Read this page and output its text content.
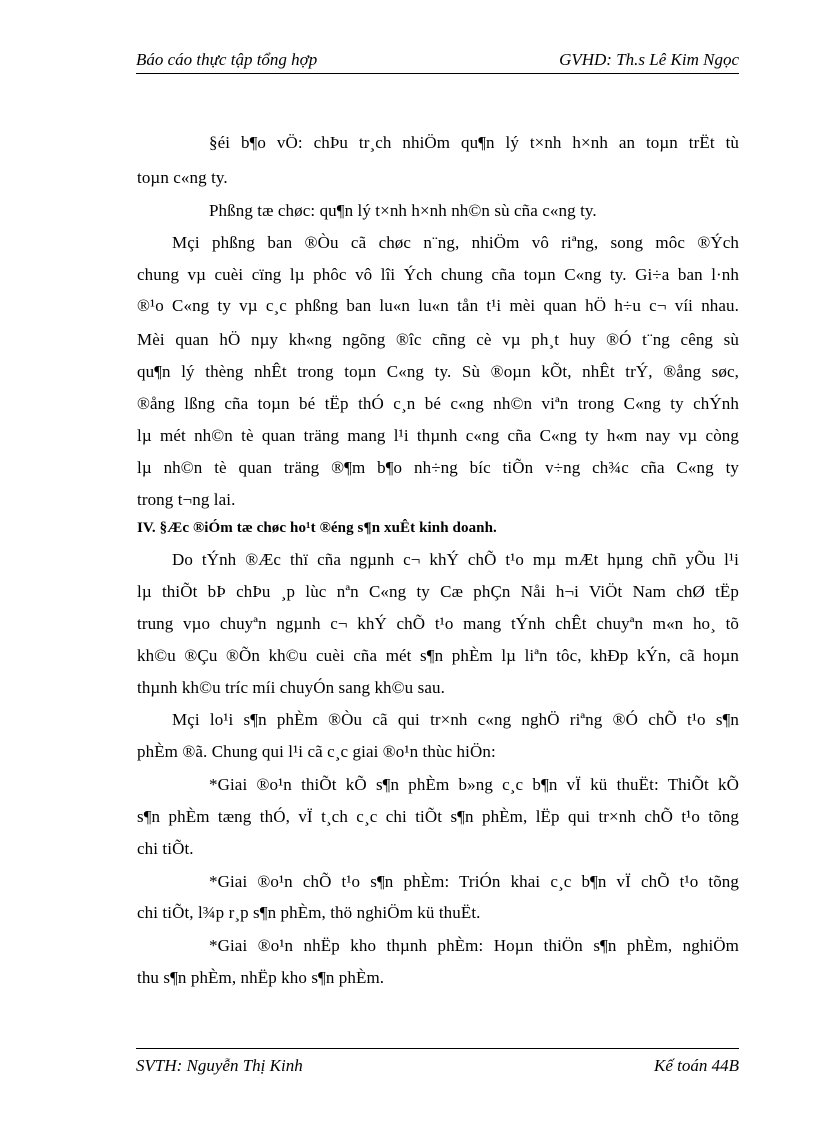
Báo cáo thực tập tổng hợp	GVHD: Th.s Lê Kim Ngọc
§éi b¶o vÖ: chÞu tr¸ch nhiÖm qu¶n lý t×nh h×nh an toµn trËt tù
toµn c«ng ty.
Phßng tæ chøc: qu¶n lý t×nh h×nh nh©n sù cña c«ng ty.
Mçi phßng ban ®Òu cã chøc n¨ng, nhiÖm vô riªng, song môc ®Ých
chung vµ cuèi cïng lµ phôc vô lîi Ých chung cña toµn C«ng ty. Gi÷a ban l·nh
®¹o C«ng ty vµ c¸c phßng ban lu«n lu«n tån t¹i mèi quan hÖ h÷u c¬ víi nhau.
Mèi quan hÖ nµy kh«ng ngõng ®îc cñng cè vµ ph¸t huy ®Ó t¨ng cêng sù
qu¶n lý thèng nhÊt trong toµn C«ng ty. Sù ®oµn kÕt, nhÊt trÝ, ®ång søc,
®ång lßng cña toµn bé tËp thÓ c¸n bé c«ng nh©n viªn trong C«ng ty chÝnh
lµ mét nh©n tè quan träng mang l¹i thµnh c«ng cña C«ng ty h«m nay vµ còng
lµ nh©n tè quan träng ®¶m b¶o nh÷ng bíc tiÕn v÷ng ch¾c cña C«ng ty
trong t¬ng lai.
IV. §Æc ®iÓm tæ chøc ho¹t ®éng s¶n xuÊt kinh doanh.
Do tÝnh ®Æc thï cña ngµnh c¬ khÝ chÕ t¹o mµ mÆt hµng chñ yÕu l¹i
lµ thiÕt bÞ chÞu ¸p lùc nªn C«ng ty Cæ phÇn Nåi h¬i ViÖt Nam chØ tËp
trung vµo chuyªn ngµnh c¬ khÝ chÕ t¹o mang tÝnh chÊt chuyªn m«n ho¸ tõ
kh©u ®Çu ®Õn kh©u cuèi cña mét s¶n phÈm lµ liªn tôc, khÐp kÝn, cã hoµn
thµnh kh©u tríc míi chuyÓn sang kh©u sau.
Mçi lo¹i s¶n phÈm ®Òu cã qui tr×nh c«ng nghÖ riªng ®Ó chÕ t¹o s¶n
phÈm ®ã. Chung qui l¹i cã c¸c giai ®o¹n thùc hiÖn:
*Giai ®o¹n thiÕt kÕ s¶n phÈm b»ng c¸c b¶n vÏ kü thuËt: ThiÕt kÕ
s¶n phÈm tæng thÓ, vÏ t¸ch c¸c chi tiÕt s¶n phÈm, lËp qui tr×nh chÕ t¹o tõng
chi tiÕt.
*Giai ®o¹n chÕ t¹o s¶n phÈm: TriÓn khai c¸c b¶n vÏ chÕ t¹o tõng
chi tiÕt, l¾p r¸p s¶n phÈm, thö nghiÖm kü thuËt.
*Giai ®o¹n nhËp kho thµnh phÈm: Hoµn thiÖn s¶n phÈm, nghiÖm
thu s¶n phÈm, nhËp kho s¶n phÈm.
SVTH: Nguyễn Thị Kinh	Kế toán 44B
